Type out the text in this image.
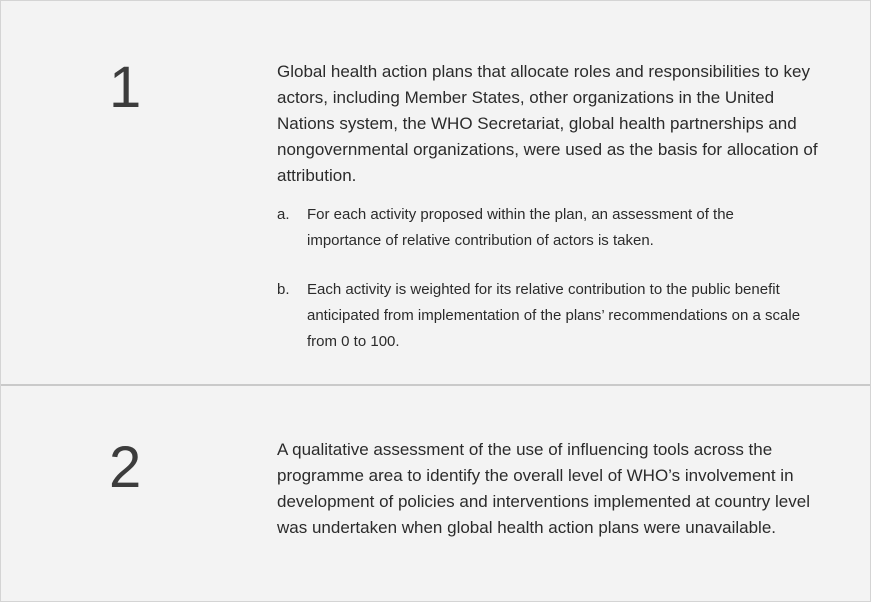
1	Global health action plans that allocate roles and responsibilities to key actors, including Member States, other organizations in the United Nations system, the WHO Secretariat, global health partnerships and nongovernmental organizations, were used as the basis for allocation of attribution.

a. For each activity proposed within the plan, an assessment of the importance of relative contribution of actors is taken.
b. Each activity is weighted for its relative contribution to the public benefit anticipated from implementation of the plans’ recommendations on a scale from 0 to 100.
2	A qualitative assessment of the use of influencing tools across the programme area to identify the overall level of WHO’s involvement in development of policies and interventions implemented at country level was undertaken when global health action plans were unavailable.
